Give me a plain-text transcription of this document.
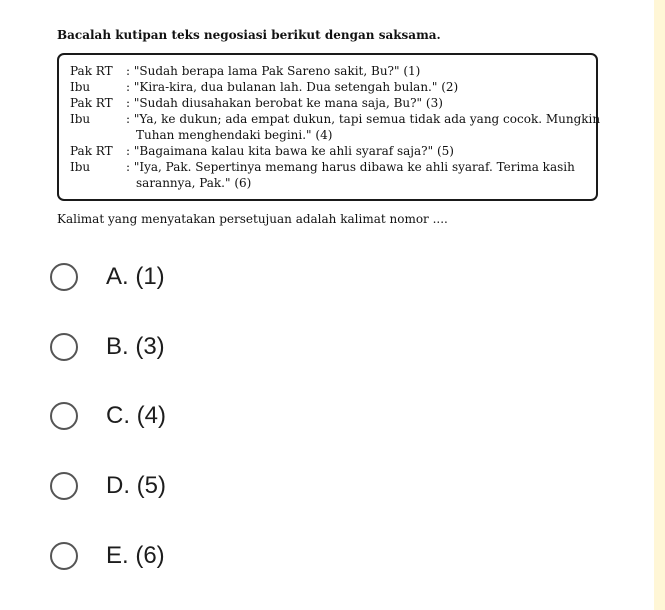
Bacalah kutipan teks negosiasi berikut dengan saksama.
Pak RT : "Sudah berapa lama Pak Sareno sakit, Bu?" (1)
Ibu	: "Kira-kira, dua bulanan lah. Dua setengah bulan." (2)
Pak RT : "Sudah diusahakan berobat ke mana saja, Bu?" (3)
Ibu	: "Ya, ke dukun; ada empat dukun, tapi semua tidak ada yang cocok. Mungkin
Tuhan menghendaki begini." (4)
Pak RT : "Bagaimana kalau kita bawa ke ahli syaraf saja?" (5)
Ibu	: "Iya, Pak. Sepertinya memang harus dibawa ke ahli syaraf. Terima kasih
sarannya, Pak." (6)
Kalimat yang menyatakan persetujuan adalah kalimat nomor ....
A. (1)
B. (3)
C. (4)
D. (5)
E. (6)
